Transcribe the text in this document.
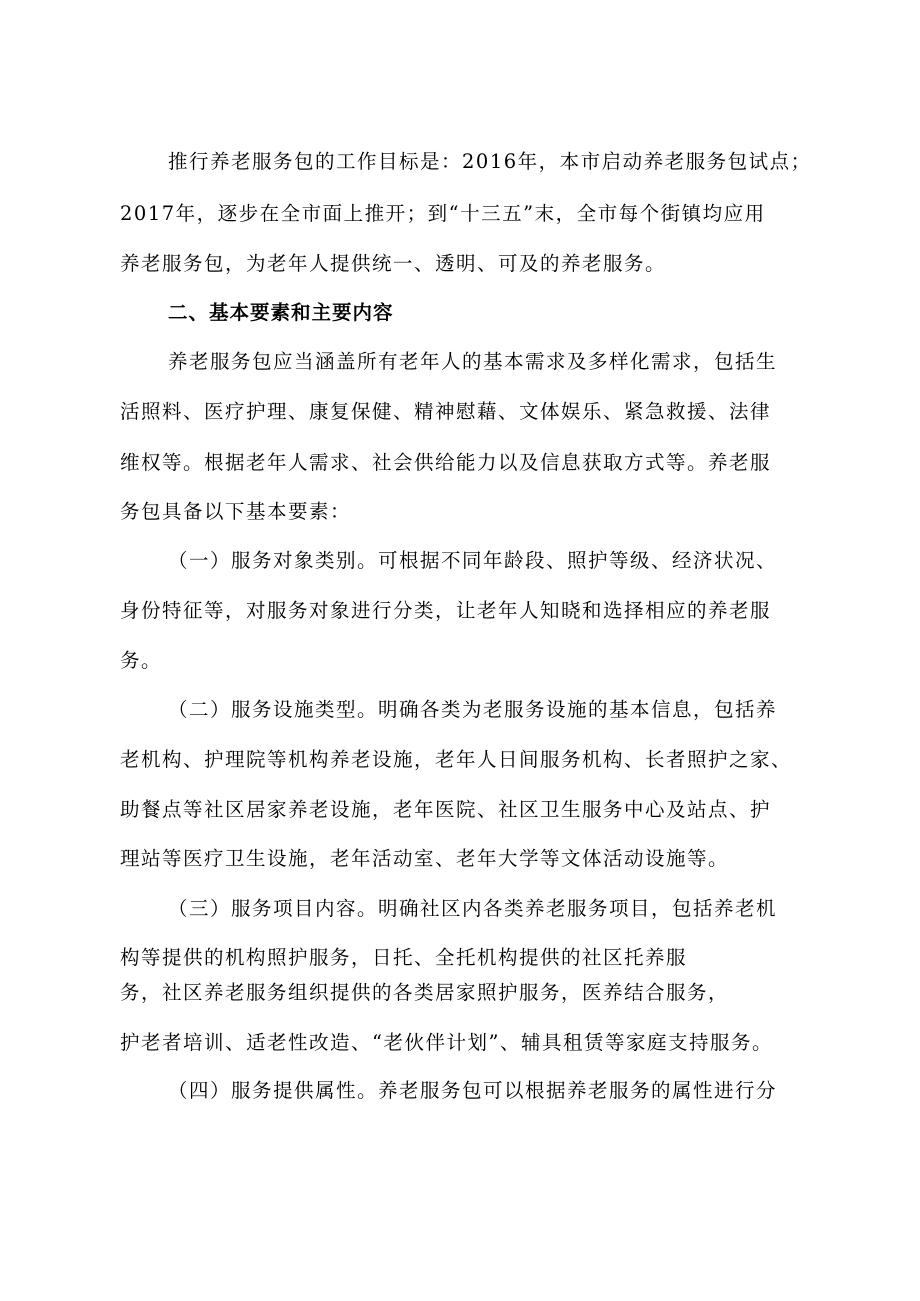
推行养老服务包的工作目标是：2016年，本市启动养老服务包试点；
2017年，逐步在全市面上推开；到“十三五”末，全市每个街镇均应用
养老服务包，为老年人提供统一、透明、可及的养老服务。
二、基本要素和主要内容
养老服务包应当涵盖所有老年人的基本需求及多样化需求，包括生
活照料、医疗护理、康复保健、精神慰藉、文体娱乐、紧急救援、法律
维权等。根据老年人需求、社会供给能力以及信息获取方式等。养老服
务包具备以下基本要素：
（一）服务对象类别。可根据不同年龄段、照护等级、经济状况、
身份特征等，对服务对象进行分类，让老年人知晓和选择相应的养老服
务。
（二）服务设施类型。明确各类为老服务设施的基本信息，包括养
老机构、护理院等机构养老设施，老年人日间服务机构、长者照护之家、
助餐点等社区居家养老设施，老年医院、社区卫生服务中心及站点、护
理站等医疗卫生设施，老年活动室、老年大学等文体活动设施等。
（三）服务项目内容。明确社区内各类养老服务项目，包括养老机
构等提供的机构照护服务，日托、全托机构提供的社区托养服
务，社区养老服务组织提供的各类居家照护服务，医养结合服务，
护老者培训、适老性改造、“老伙伴计划”、辅具租赁等家庭支持服务。
（四）服务提供属性。养老服务包可以根据养老服务的属性进行分
